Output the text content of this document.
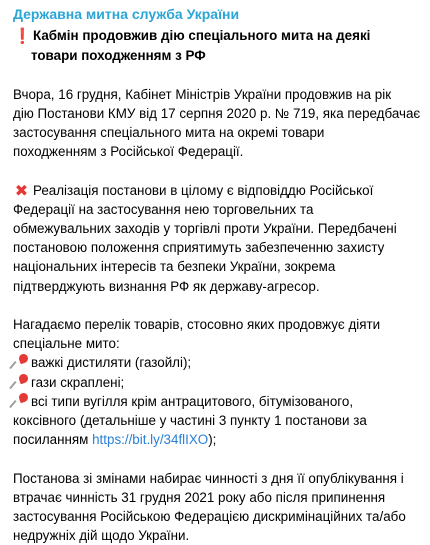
Державна митна служба України
❗Кабмін продовжив дію спеціального мита на деякі
товари походженням з РФ
Вчора, 16 грудня, Кабінет Міністрів України продовжив на рік
дію Постанови КМУ від 17 серпня 2020 р. № 719, яка передбачає
застосування спеціального мита на окремі товари
походженням з Російської Федерації.
✖ Реалізація постанови в цілому є відповіддю Російської
Федерації на застосування нею торговельних та
обмежувальних заходів у торгівлі проти України. Передбачені
постановою положення сприятимуть забезпеченню захисту
національних інтересів та безпеки України, зокрема
підтверджують визнання РФ як державу-агресор.
Нагадаємо перелік товарів, стосовно яких продовжує діяти
спеціальне мито:
важкі дистиляти (газойлі);
гази скраплені;
всі типи вугілля крім антрацитового, бітумізованого,
коксівного (детальніше у частині 3 пункту 1 постанови за
посиланням https://bit.ly/34flIXO);
Постанова зі змінами набирає чинності з дня її опублікування і
втрачає чинність 31 грудня 2021 року або після припинення
застосування Російською Федерацією дискримінаційних та/або
недружніх дій щодо України.
